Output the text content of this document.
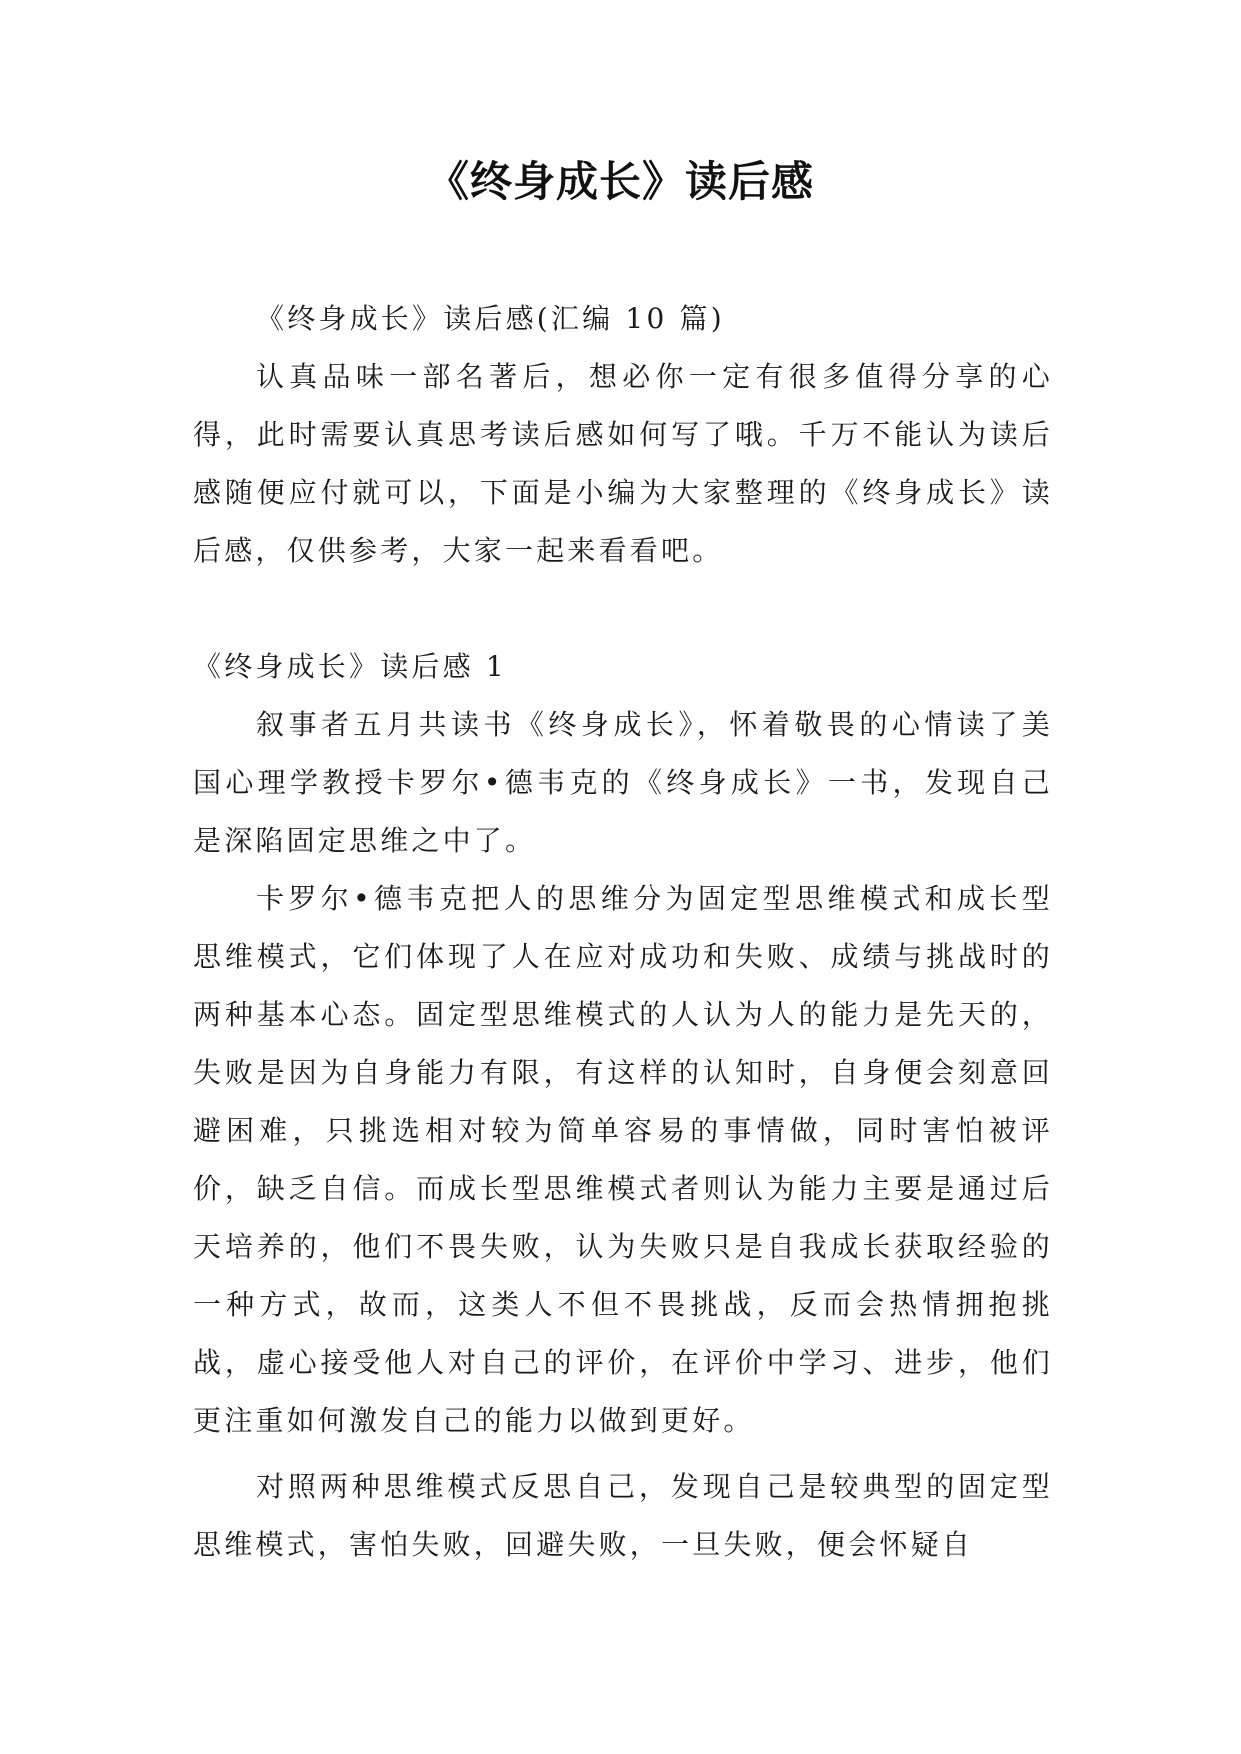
《终身成长》读后感

《终身成长》读后感(汇编 10 篇)

认真品味一部名著后，想必你一定有很多值得分享的心得，此时需要认真思考读后感如何写了哦。千万不能认为读后感随便应付就可以，下面是小编为大家整理的《终身成长》读后感，仅供参考，大家一起来看看吧。

《终身成长》读后感 1

叙事者五月共读书《终身成长》，怀着敬畏的心情读了美国心理学教授卡罗尔•德韦克的《终身成长》一书，发现自己是深陷固定思维之中了。

卡罗尔•德韦克把人的思维分为固定型思维模式和成长型思维模式，它们体现了人在应对成功和失败、成绩与挑战时的两种基本心态。固定型思维模式的人认为人的能力是先天的，失败是因为自身能力有限，有这样的认知时，自身便会刻意回避困难，只挑选相对较为简单容易的事情做，同时害怕被评价，缺乏自信。而成长型思维模式者则认为能力主要是通过后天培养的，他们不畏失败，认为失败只是自我成长获取经验的一种方式，故而，这类人不但不畏挑战，反而会热情拥抱挑战，虚心接受他人对自己的评价，在评价中学习、进步，他们更注重如何激发自己的能力以做到更好。

对照两种思维模式反思自己，发现自己是较典型的固定型思维模式，害怕失败，回避失败，一旦失败，便会怀疑自
